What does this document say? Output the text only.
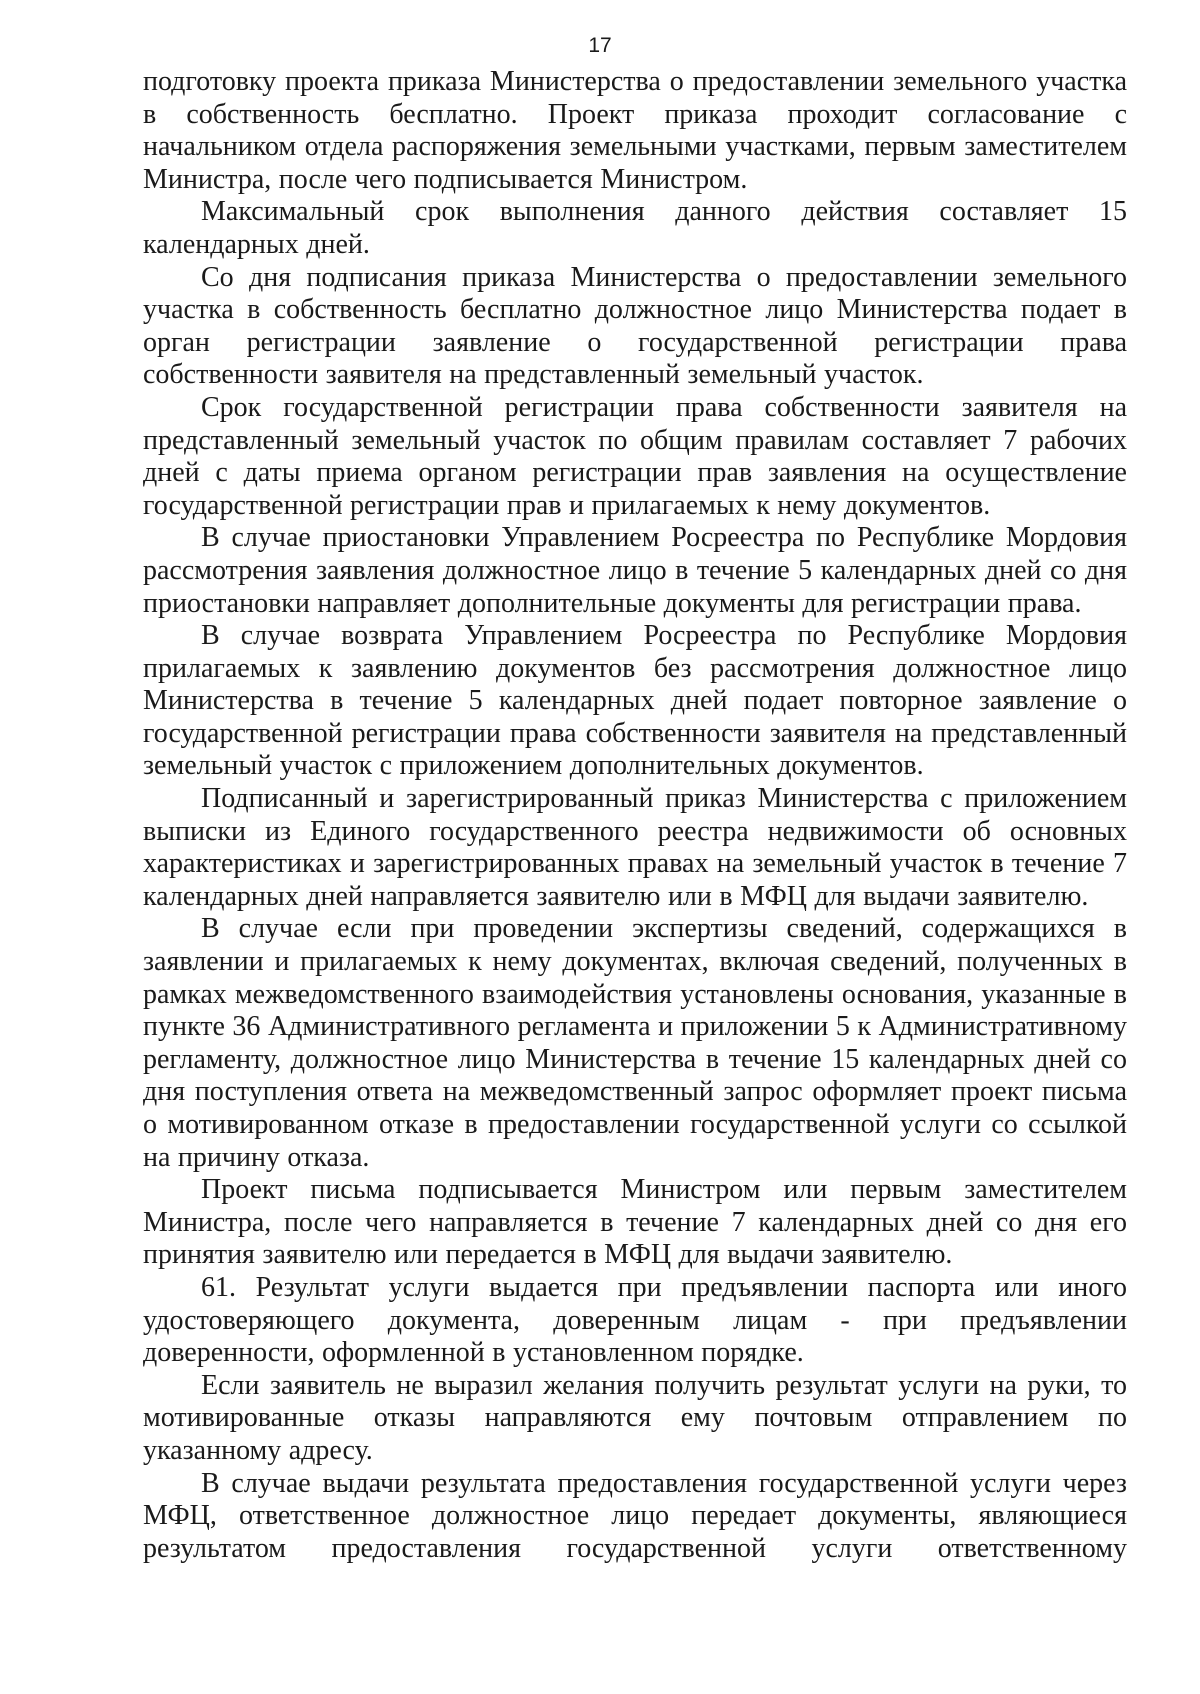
17

подготовку проекта приказа Министерства о предоставлении земельного участка в собственность бесплатно. Проект приказа проходит согласование с начальником отдела распоряжения земельными участками, первым заместителем Министра, после чего подписывается Министром.

Максимальный срок выполнения данного действия составляет 15 календарных дней.

Со дня подписания приказа Министерства о предоставлении земельного участка в собственность бесплатно должностное лицо Министерства подает в орган регистрации заявление о государственной регистрации права собственности заявителя на представленный земельный участок.

Срок государственной регистрации права собственности заявителя на представленный земельный участок по общим правилам составляет 7 рабочих дней с даты приема органом регистрации прав заявления на осуществление государственной регистрации прав и прилагаемых к нему документов.

В случае приостановки Управлением Росреестра по Республике Мордовия рассмотрения заявления должностное лицо в течение 5 календарных дней со дня приостановки направляет дополнительные документы для регистрации права.

В случае возврата Управлением Росреестра по Республике Мордовия прилагаемых к заявлению документов без рассмотрения должностное лицо Министерства в течение 5 календарных дней подает повторное заявление о государственной регистрации права собственности заявителя на представленный земельный участок с приложением дополнительных документов.

Подписанный и зарегистрированный приказ Министерства с приложением выписки из Единого государственного реестра недвижимости об основных характеристиках и зарегистрированных правах на земельный участок в течение 7 календарных дней направляется заявителю или в МФЦ для выдачи заявителю.

В случае если при проведении экспертизы сведений, содержащихся в заявлении и прилагаемых к нему документах, включая сведений, полученных в рамках межведомственного взаимодействия установлены основания, указанные в пункте 36 Административного регламента и приложении 5 к Административному регламенту, должностное лицо Министерства в течение 15 календарных дней со дня поступления ответа на межведомственный запрос оформляет проект письма о мотивированном отказе в предоставлении государственной услуги со ссылкой на причину отказа.

Проект письма подписывается Министром или первым заместителем Министра, после чего направляется в течение 7 календарных дней со дня его принятия заявителю или передается в МФЦ для выдачи заявителю.

61. Результат услуги выдается при предъявлении паспорта или иного удостоверяющего документа, доверенным лицам - при предъявлении доверенности, оформленной в установленном порядке.

Если заявитель не выразил желания получить результат услуги на руки, то мотивированные отказы направляются ему почтовым отправлением по указанному адресу.

В случае выдачи результата предоставления государственной услуги через МФЦ, ответственное должностное лицо передает документы, являющиеся результатом предоставления государственной услуги ответственному
